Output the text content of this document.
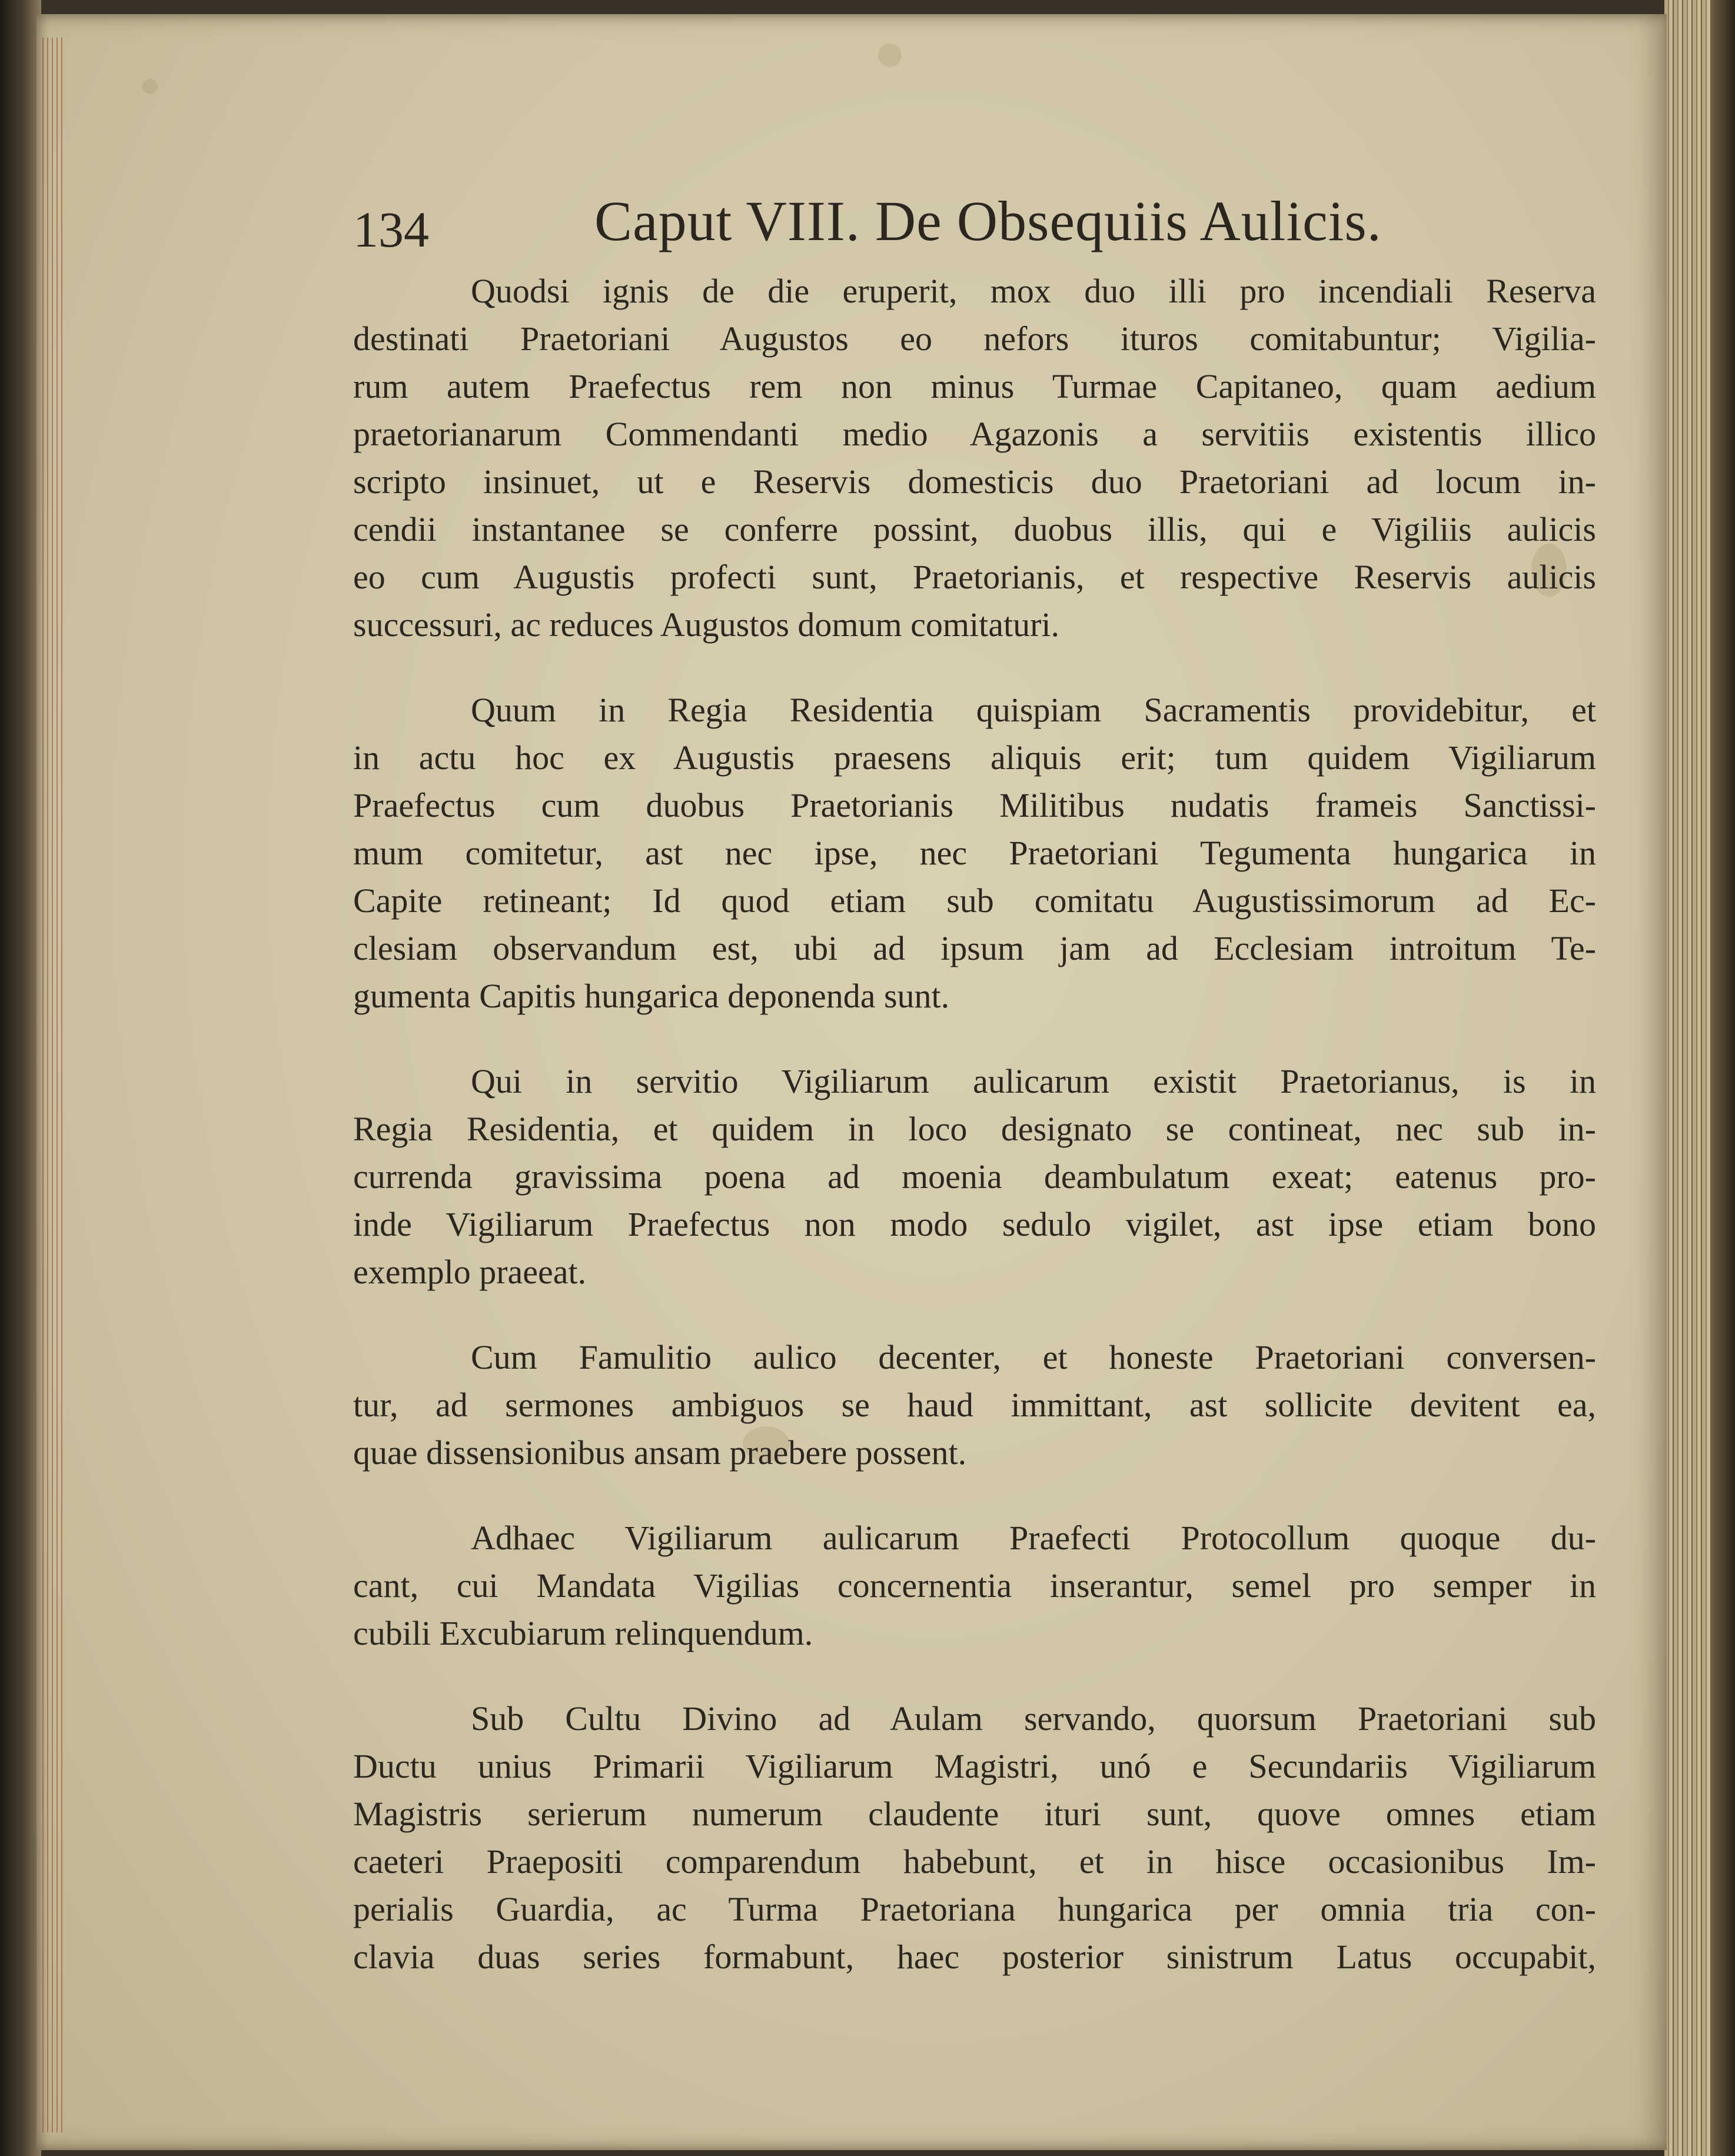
134	Caput VIII. De Obsequiis Aulicis.

Quodsi ignis de die eruperit, mox duo illi pro incendiali Reserva
destinati Praetoriani Augustos eo nefors ituros comitabuntur; Vigilia-
rum autem Praefectus rem non minus Turmae Capitaneo, quam aedium
praetorianarum Commendanti medio Agazonis a servitiis existentis illico
scripto insinuet, ut e Reservis domesticis duo Praetoriani ad locum in-
cendii instantanee se conferre possint, duobus illis, qui e Vigiliis aulicis
eo cum Augustis profecti sunt, Praetorianis, et respective Reservis aulicis
successuri, ac reduces Augustos domum comitaturi.

Quum in Regia Residentia quispiam Sacramentis providebitur, et
in actu hoc ex Augustis praesens aliquis erit; tum quidem Vigiliarum
Praefectus cum duobus Praetorianis Militibus nudatis frameis Sanctissi-
mum comitetur, ast nec ipse, nec Praetoriani Tegumenta hungarica in
Capite retineant; Id quod etiam sub comitatu Augustissimorum ad Ec-
clesiam observandum est, ubi ad ipsum jam ad Ecclesiam introitum Te-
gumenta Capitis hungarica deponenda sunt.

Qui in servitio Vigiliarum aulicarum existit Praetorianus, is in
Regia Residentia, et quidem in loco designato se contineat, nec sub in-
currenda gravissima poena ad moenia deambulatum exeat; eatenus pro-
inde Vigiliarum Praefectus non modo sedulo vigilet, ast ipse etiam bono
exemplo praeeat.

Cum Famulitio aulico decenter, et honeste Praetoriani conversen-
tur, ad sermones ambiguos se haud immittant, ast sollicite devitent ea,
quae dissensionibus ansam praebere possent.

Adhaec Vigiliarum aulicarum Praefecti Protocollum quoque du-
cant, cui Mandata Vigilias concernentia inserantur, semel pro semper in
cubili Excubiarum relinquendum.

Sub Cultu Divino ad Aulam servando, quorsum Praetoriani sub
Ductu unius Primarii Vigiliarum Magistri, unó e Secundariis Vigiliarum
Magistris serierum numerum claudente ituri sunt, quove omnes etiam
caeteri Praepositi comparendum habebunt, et in hisce occasionibus Im-
perialis Guardia, ac Turma Praetoriana hungarica per omnia tria con-
clavia duas series formabunt, haec posterior sinistrum Latus occupabit,
